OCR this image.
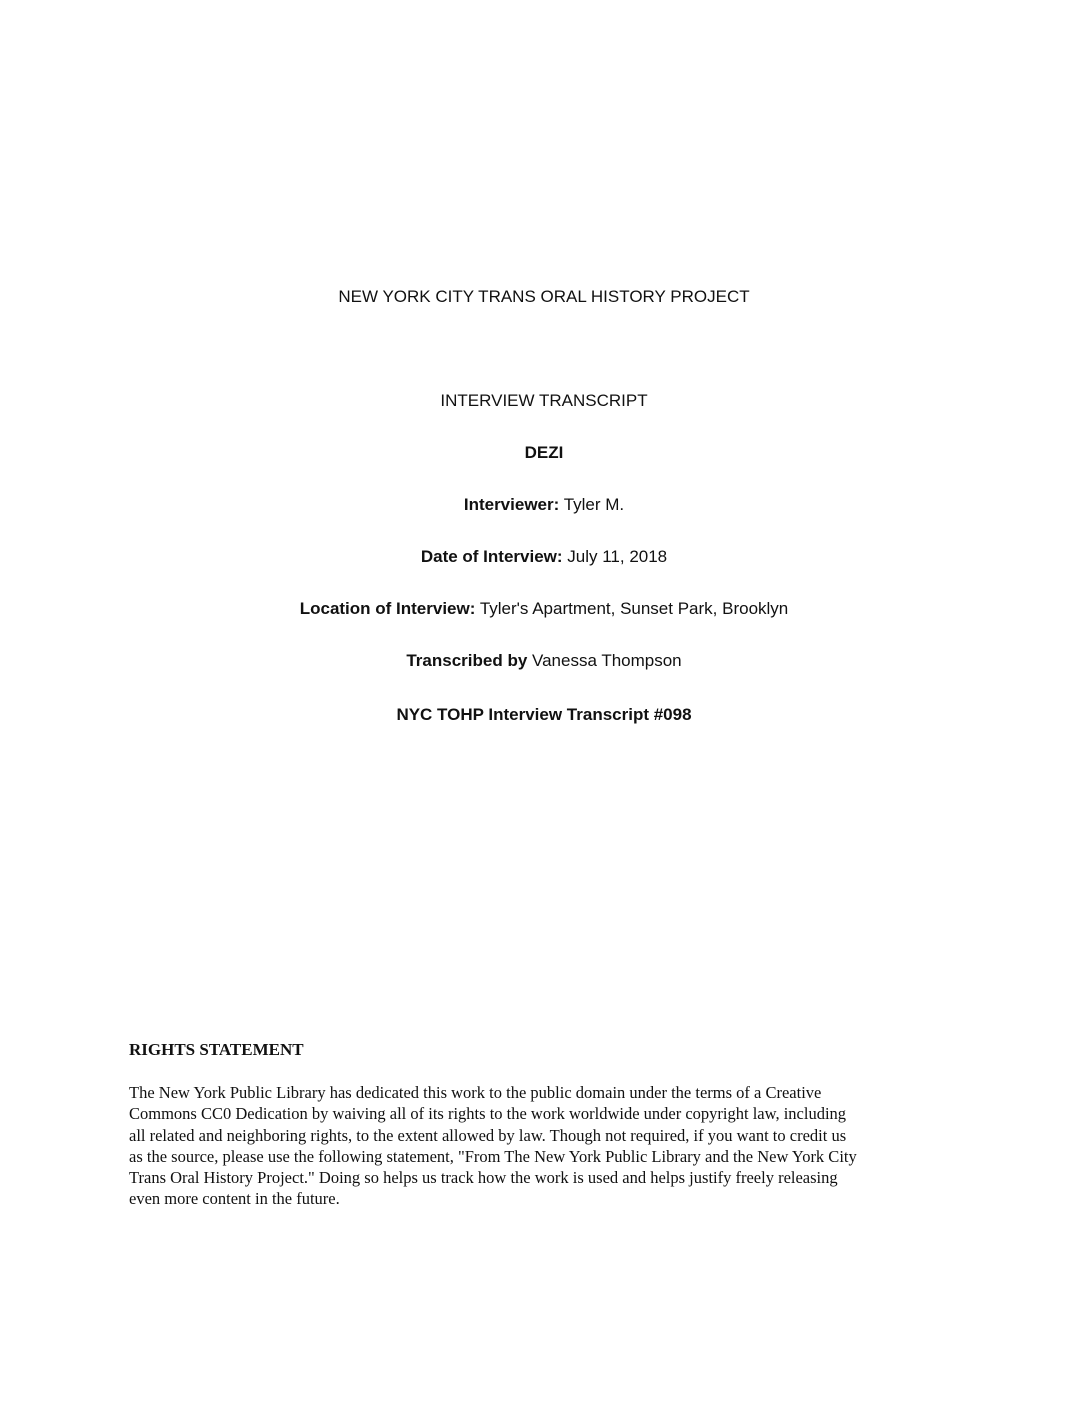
NEW YORK CITY TRANS ORAL HISTORY PROJECT
INTERVIEW TRANSCRIPT
DEZI
Interviewer: Tyler M.
Date of Interview: July 11, 2018
Location of Interview: Tyler's Apartment, Sunset Park, Brooklyn
Transcribed by Vanessa Thompson
NYC TOHP Interview Transcript #098
RIGHTS STATEMENT
The New York Public Library has dedicated this work to the public domain under the terms of a Creative
Commons CC0 Dedication by waiving all of its rights to the work worldwide under copyright law, including
all related and neighboring rights, to the extent allowed by law. Though not required, if you want to credit us
as the source, please use the following statement, "From The New York Public Library and the New York City
Trans Oral History Project." Doing so helps us track how the work is used and helps justify freely releasing
even more content in the future.
